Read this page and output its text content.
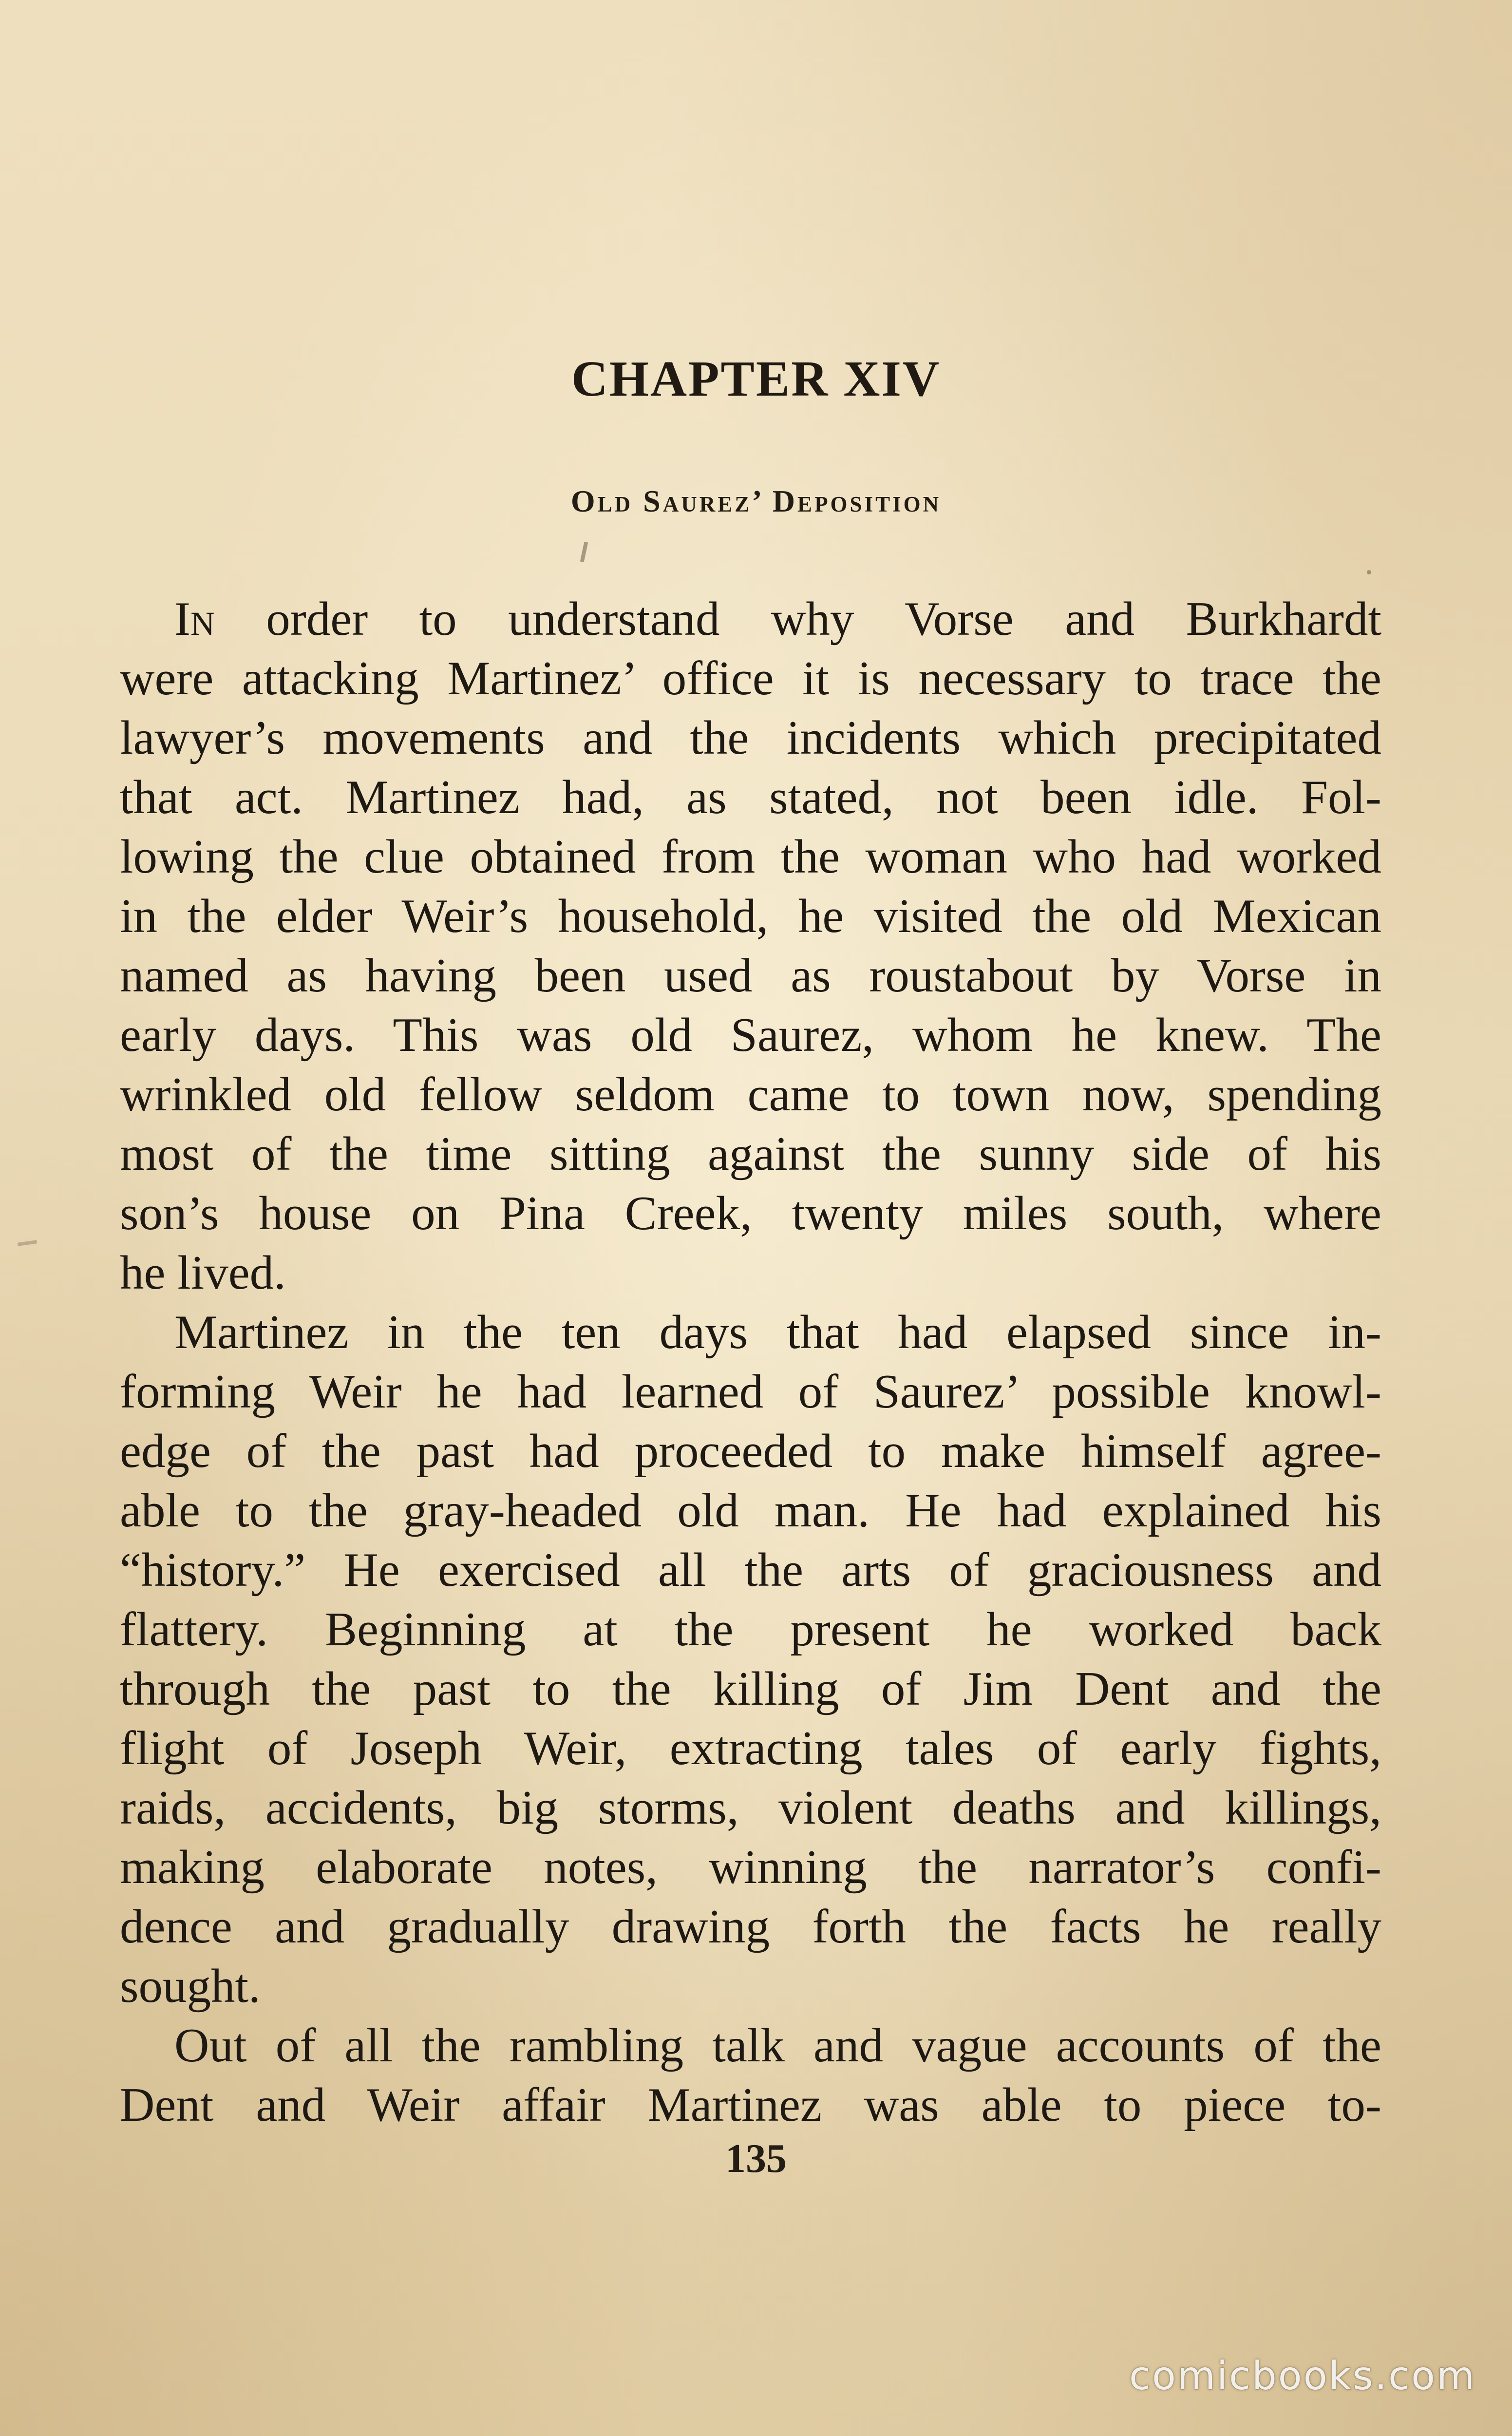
CHAPTER XIV
Old Saurez’ Deposition
In order to understand why Vorse and Burkhardt
were attacking Martinez’ office it is necessary to trace the
lawyer’s movements and the incidents which precipitated
that act. Martinez had, as stated, not been idle. Fol-
lowing the clue obtained from the woman who had worked
in the elder Weir’s household, he visited the old Mexican
named as having been used as roustabout by Vorse in
early days. This was old Saurez, whom he knew. The
wrinkled old fellow seldom came to town now, spending
most of the time sitting against the sunny side of his
son’s house on Pina Creek, twenty miles south, where
he lived.
Martinez in the ten days that had elapsed since in-
forming Weir he had learned of Saurez’ possible knowl-
edge of the past had proceeded to make himself agree-
able to the gray-headed old man. He had explained his
“history.” He exercised all the arts of graciousness and
flattery. Beginning at the present he worked back
through the past to the killing of Jim Dent and the
flight of Joseph Weir, extracting tales of early fights,
raids, accidents, big storms, violent deaths and killings,
making elaborate notes, winning the narrator’s confi-
dence and gradually drawing forth the facts he really
sought.
Out of all the rambling talk and vague accounts of the
Dent and Weir affair Martinez was able to piece to-
135
comicbooks.com
